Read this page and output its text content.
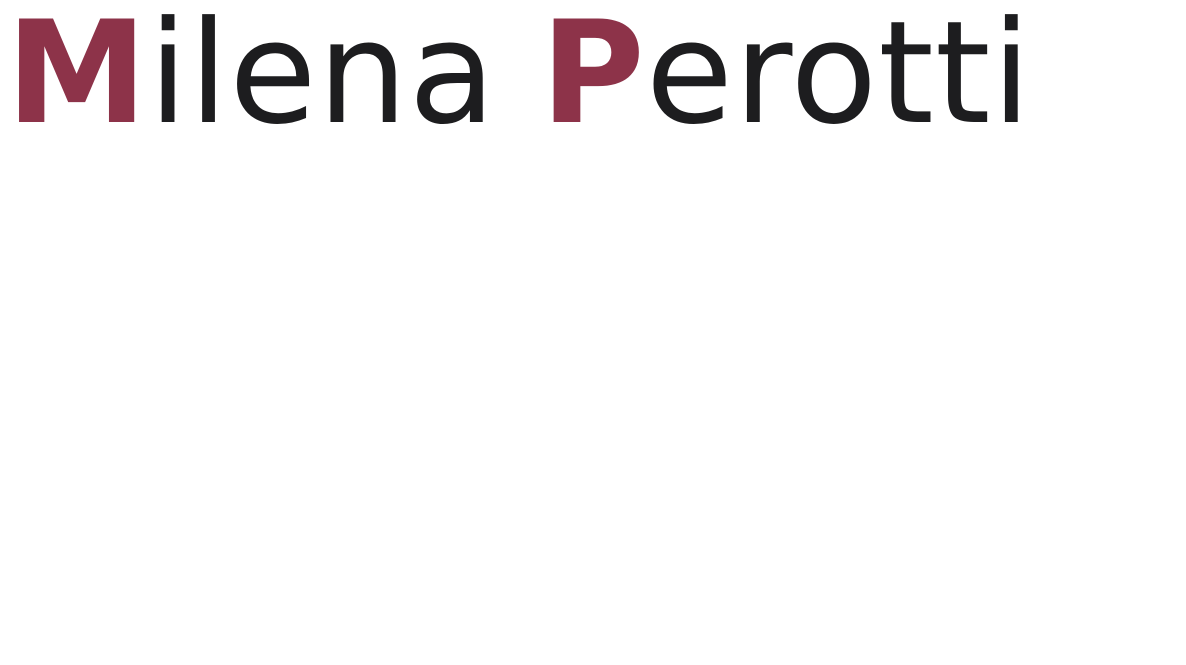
M ilena P erotti
